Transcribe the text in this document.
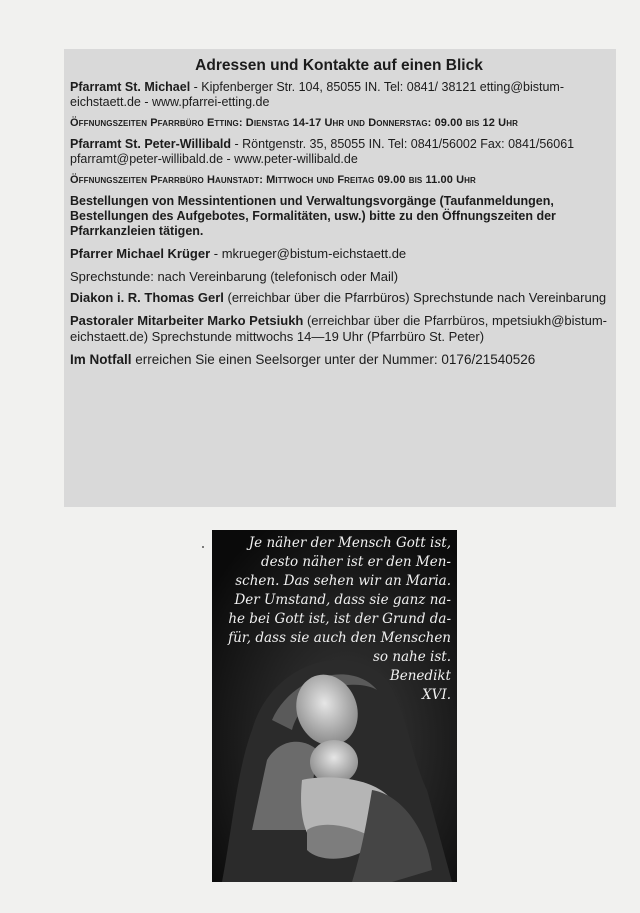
Adressen und Kontakte auf einen Blick
Pfarramt St. Michael - Kipfenberger Str. 104, 85055 IN. Tel: 0841/ 38121 etting@bistum-eichstaett.de - www.pfarrei-etting.de
Öffnungszeiten Pfarrbüro Etting: Dienstag 14-17 Uhr und Donnerstag: 09.00 bis 12 Uhr
Pfarramt St. Peter-Willibald - Röntgenstr. 35, 85055 IN. Tel: 0841/56002 Fax: 0841/56061 pfarramt@peter-willibald.de - www.peter-willibald.de
Öffnungszeiten Pfarrbüro Haunstadt: Mittwoch und Freitag 09.00 bis 11.00 Uhr
Bestellungen von Messintentionen und Verwaltungsvorgänge (Taufanmeldungen, Bestellungen des Aufgebotes, Formalitäten, usw.) bitte zu den Öffnungszeiten der Pfarrkanzleien tätigen.
Pfarrer Michael Krüger - mkrueger@bistum-eichstaett.de
Sprechstunde: nach Vereinbarung (telefonisch oder Mail)
Diakon i. R. Thomas Gerl (erreichbar über die Pfarrbüros) Sprechstunde nach Vereinbarung
Pastoraler Mitarbeiter Marko Petsiukh (erreichbar über die Pfarrbüros, mpetsiukh@bistum-eichstaett.de) Sprechstunde mittwochs 14—19 Uhr (Pfarrbüro St. Peter)
Im Notfall erreichen Sie einen Seelsorger unter der Nummer: 0176/21540526
Je näher der Mensch Gott ist,
desto näher ist er den Men-
schen. Das sehen wir an Maria.
Der Umstand, dass sie ganz na-
he bei Gott ist, ist der Grund da-
für, dass sie auch den Menschen
so nahe ist.
Benedikt
XVI.
